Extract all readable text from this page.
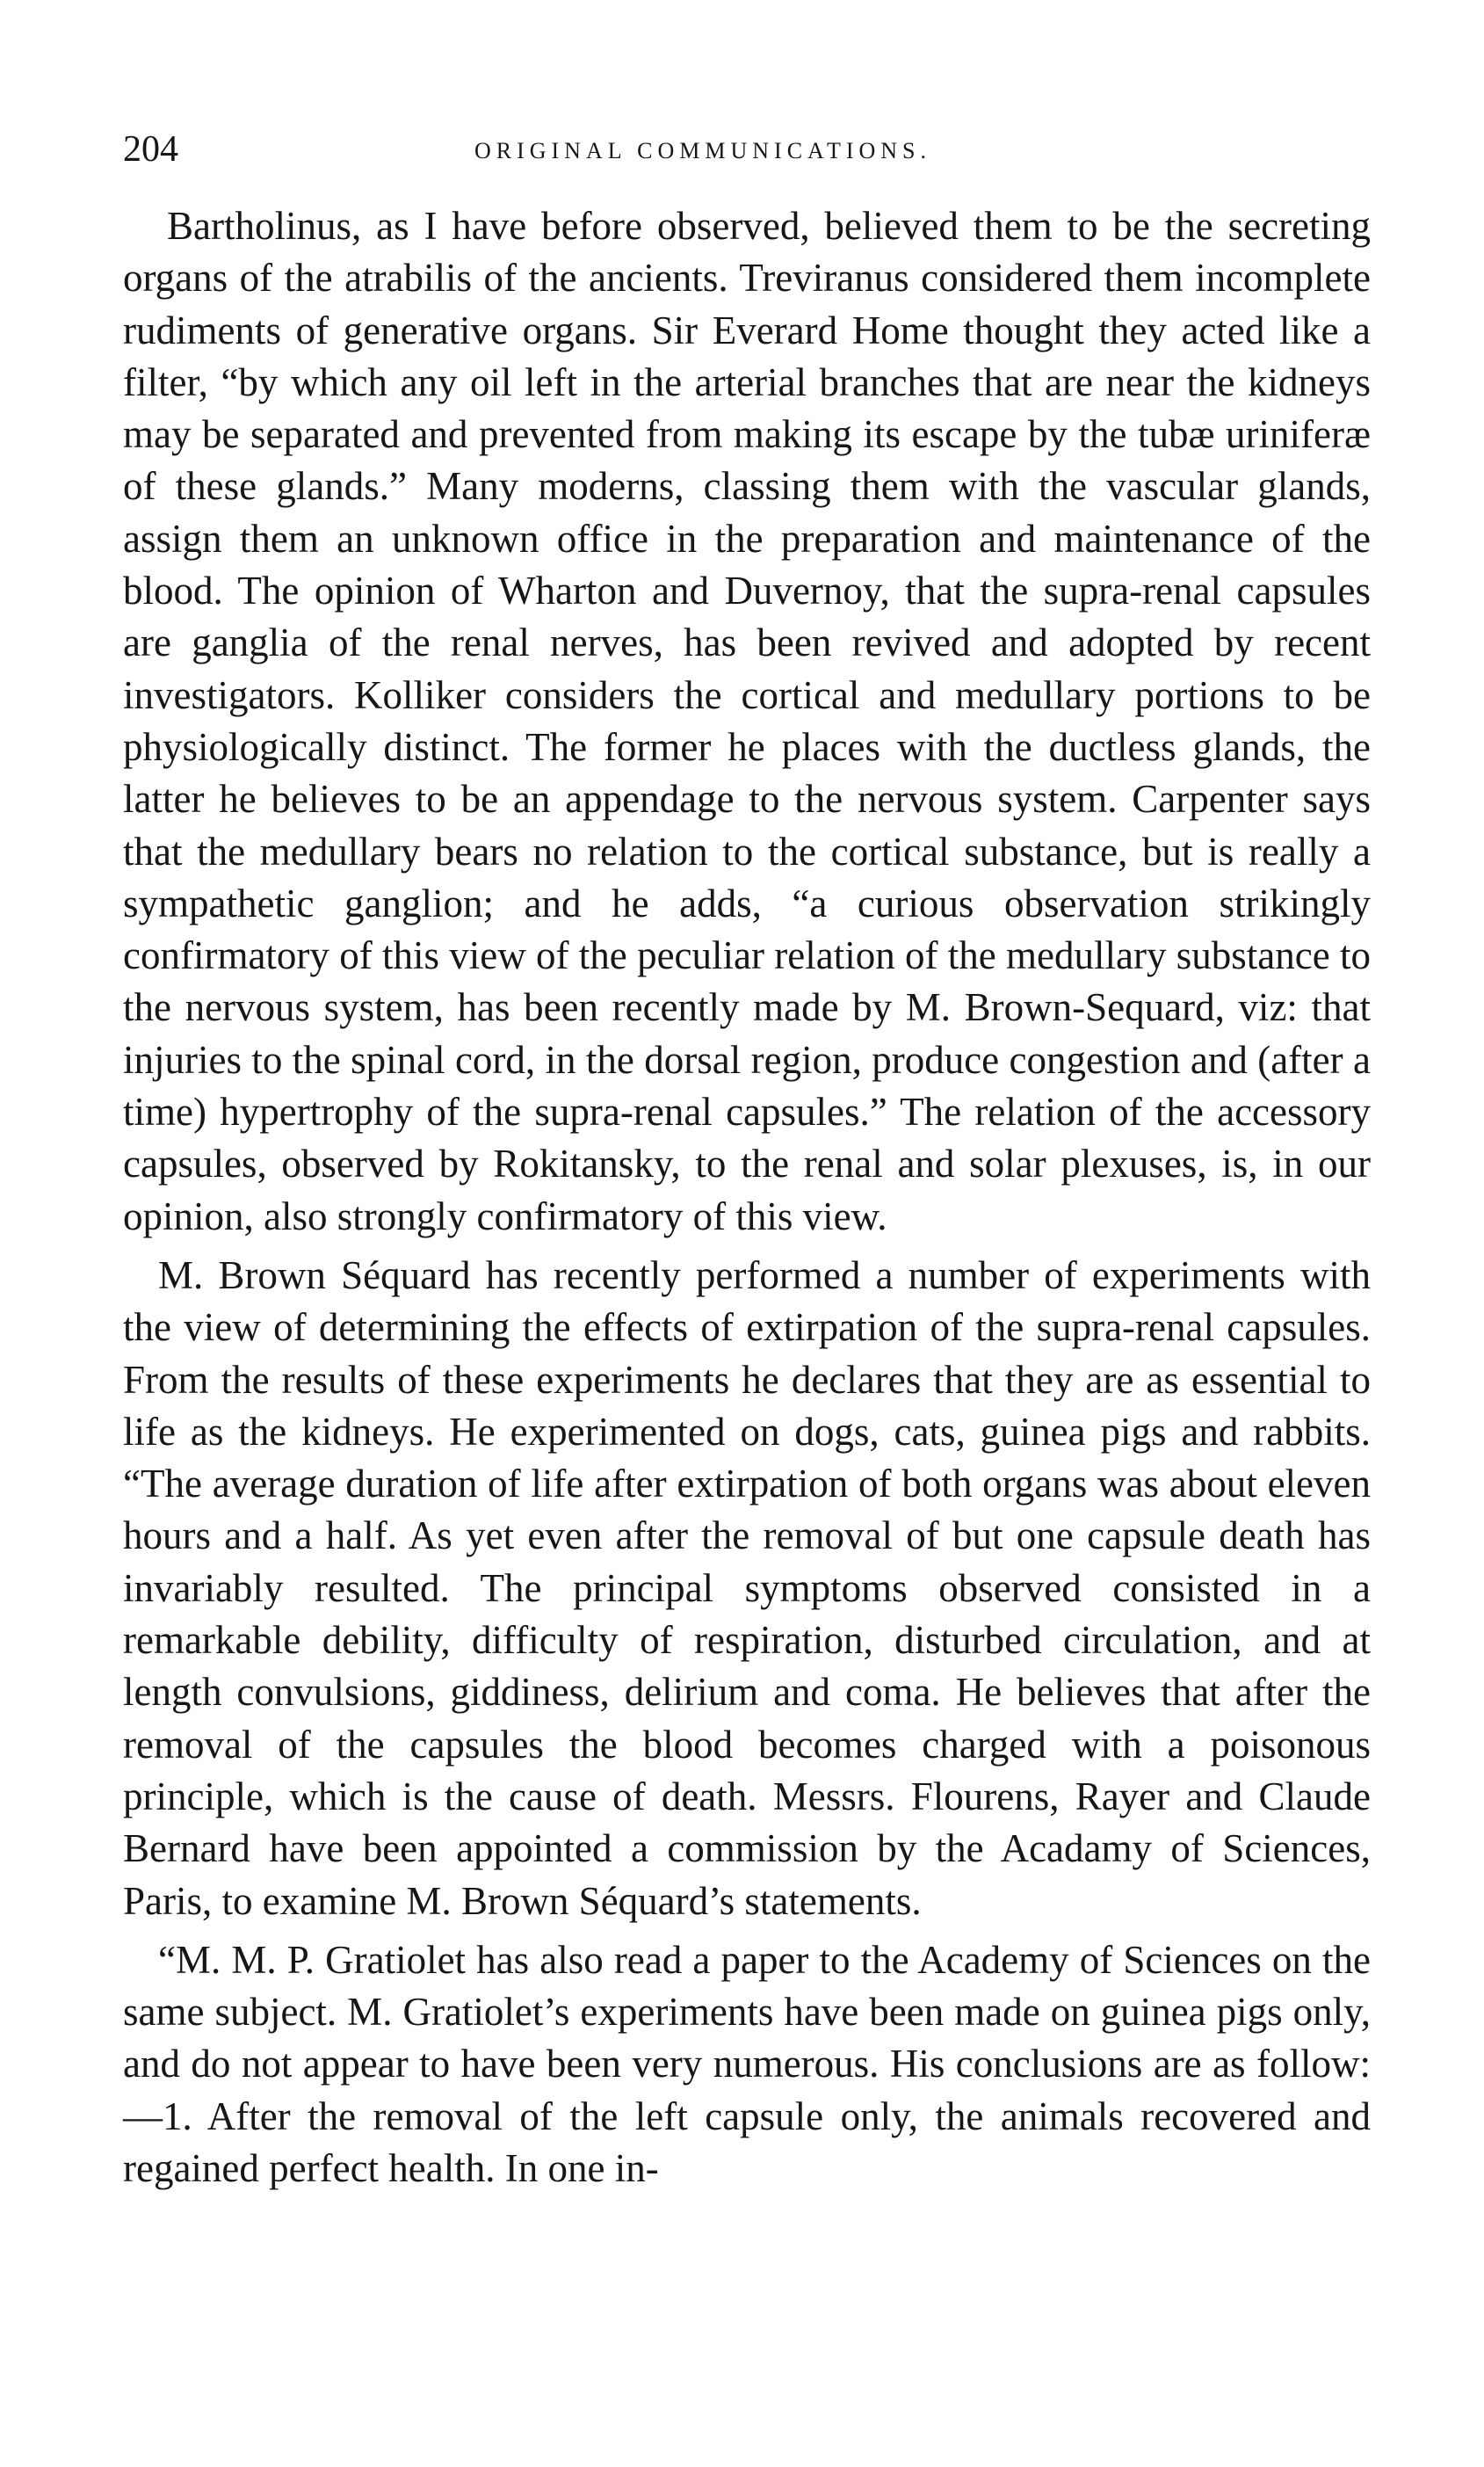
204	ORIGINAL COMMUNICATIONS.

Bartholinus, as I have before observed, believed them to be the secreting organs of the atrabilis of the ancients. Treviranus considered them incomplete rudiments of generative organs. Sir Everard Home thought they acted like a filter, “by which any oil left in the arterial branches that are near the kidneys may be separated and prevented from making its escape by the tubæ uriniferæ of these glands.” Many moderns, classing them with the vascular glands, assign them an unknown office in the preparation and maintenance of the blood. The opinion of Wharton and Duvernoy, that the supra-renal capsules are ganglia of the renal nerves, has been revived and adopted by recent investigators. Kolliker considers the cortical and medullary portions to be physiologically distinct. The former he places with the ductless glands, the latter he believes to be an appendage to the nervous system. Carpenter says that the medullary bears no relation to the cortical substance, but is really a sympathetic ganglion; and he adds, “a curious observation strikingly confirmatory of this view of the peculiar relation of the medullary substance to the nervous system, has been recently made by M. Brown-Sequard, viz: that injuries to the spinal cord, in the dorsal region, produce congestion and (after a time) hypertrophy of the supra-renal capsules.” The relation of the accessory capsules, observed by Rokitansky, to the renal and solar plexuses, is, in our opinion, also strongly confirmatory of this view.

M. Brown Séquard has recently performed a number of experiments with the view of determining the effects of extirpation of the supra-renal capsules. From the results of these experiments he declares that they are as essential to life as the kidneys. He experimented on dogs, cats, guinea pigs and rabbits. “The average duration of life after extirpation of both organs was about eleven hours and a half. As yet even after the removal of but one capsule death has invariably resulted. The principal symptoms observed consisted in a remarkable debility, difficulty of respiration, disturbed circulation, and at length convulsions, giddiness, delirium and coma. He believes that after the removal of the capsules the blood becomes charged with a poisonous principle, which is the cause of death. Messrs. Flourens, Rayer and Claude Bernard have been appointed a commission by the Acadamy of Sciences, Paris, to examine M. Brown Séquard’s statements.

“M. M. P. Gratiolet has also read a paper to the Academy of Sciences on the same subject. M. Gratiolet’s experiments have been made on guinea pigs only, and do not appear to have been very numerous. His conclusions are as follow:—1. After the removal of the left capsule only, the animals recovered and regained perfect health. In one in-
